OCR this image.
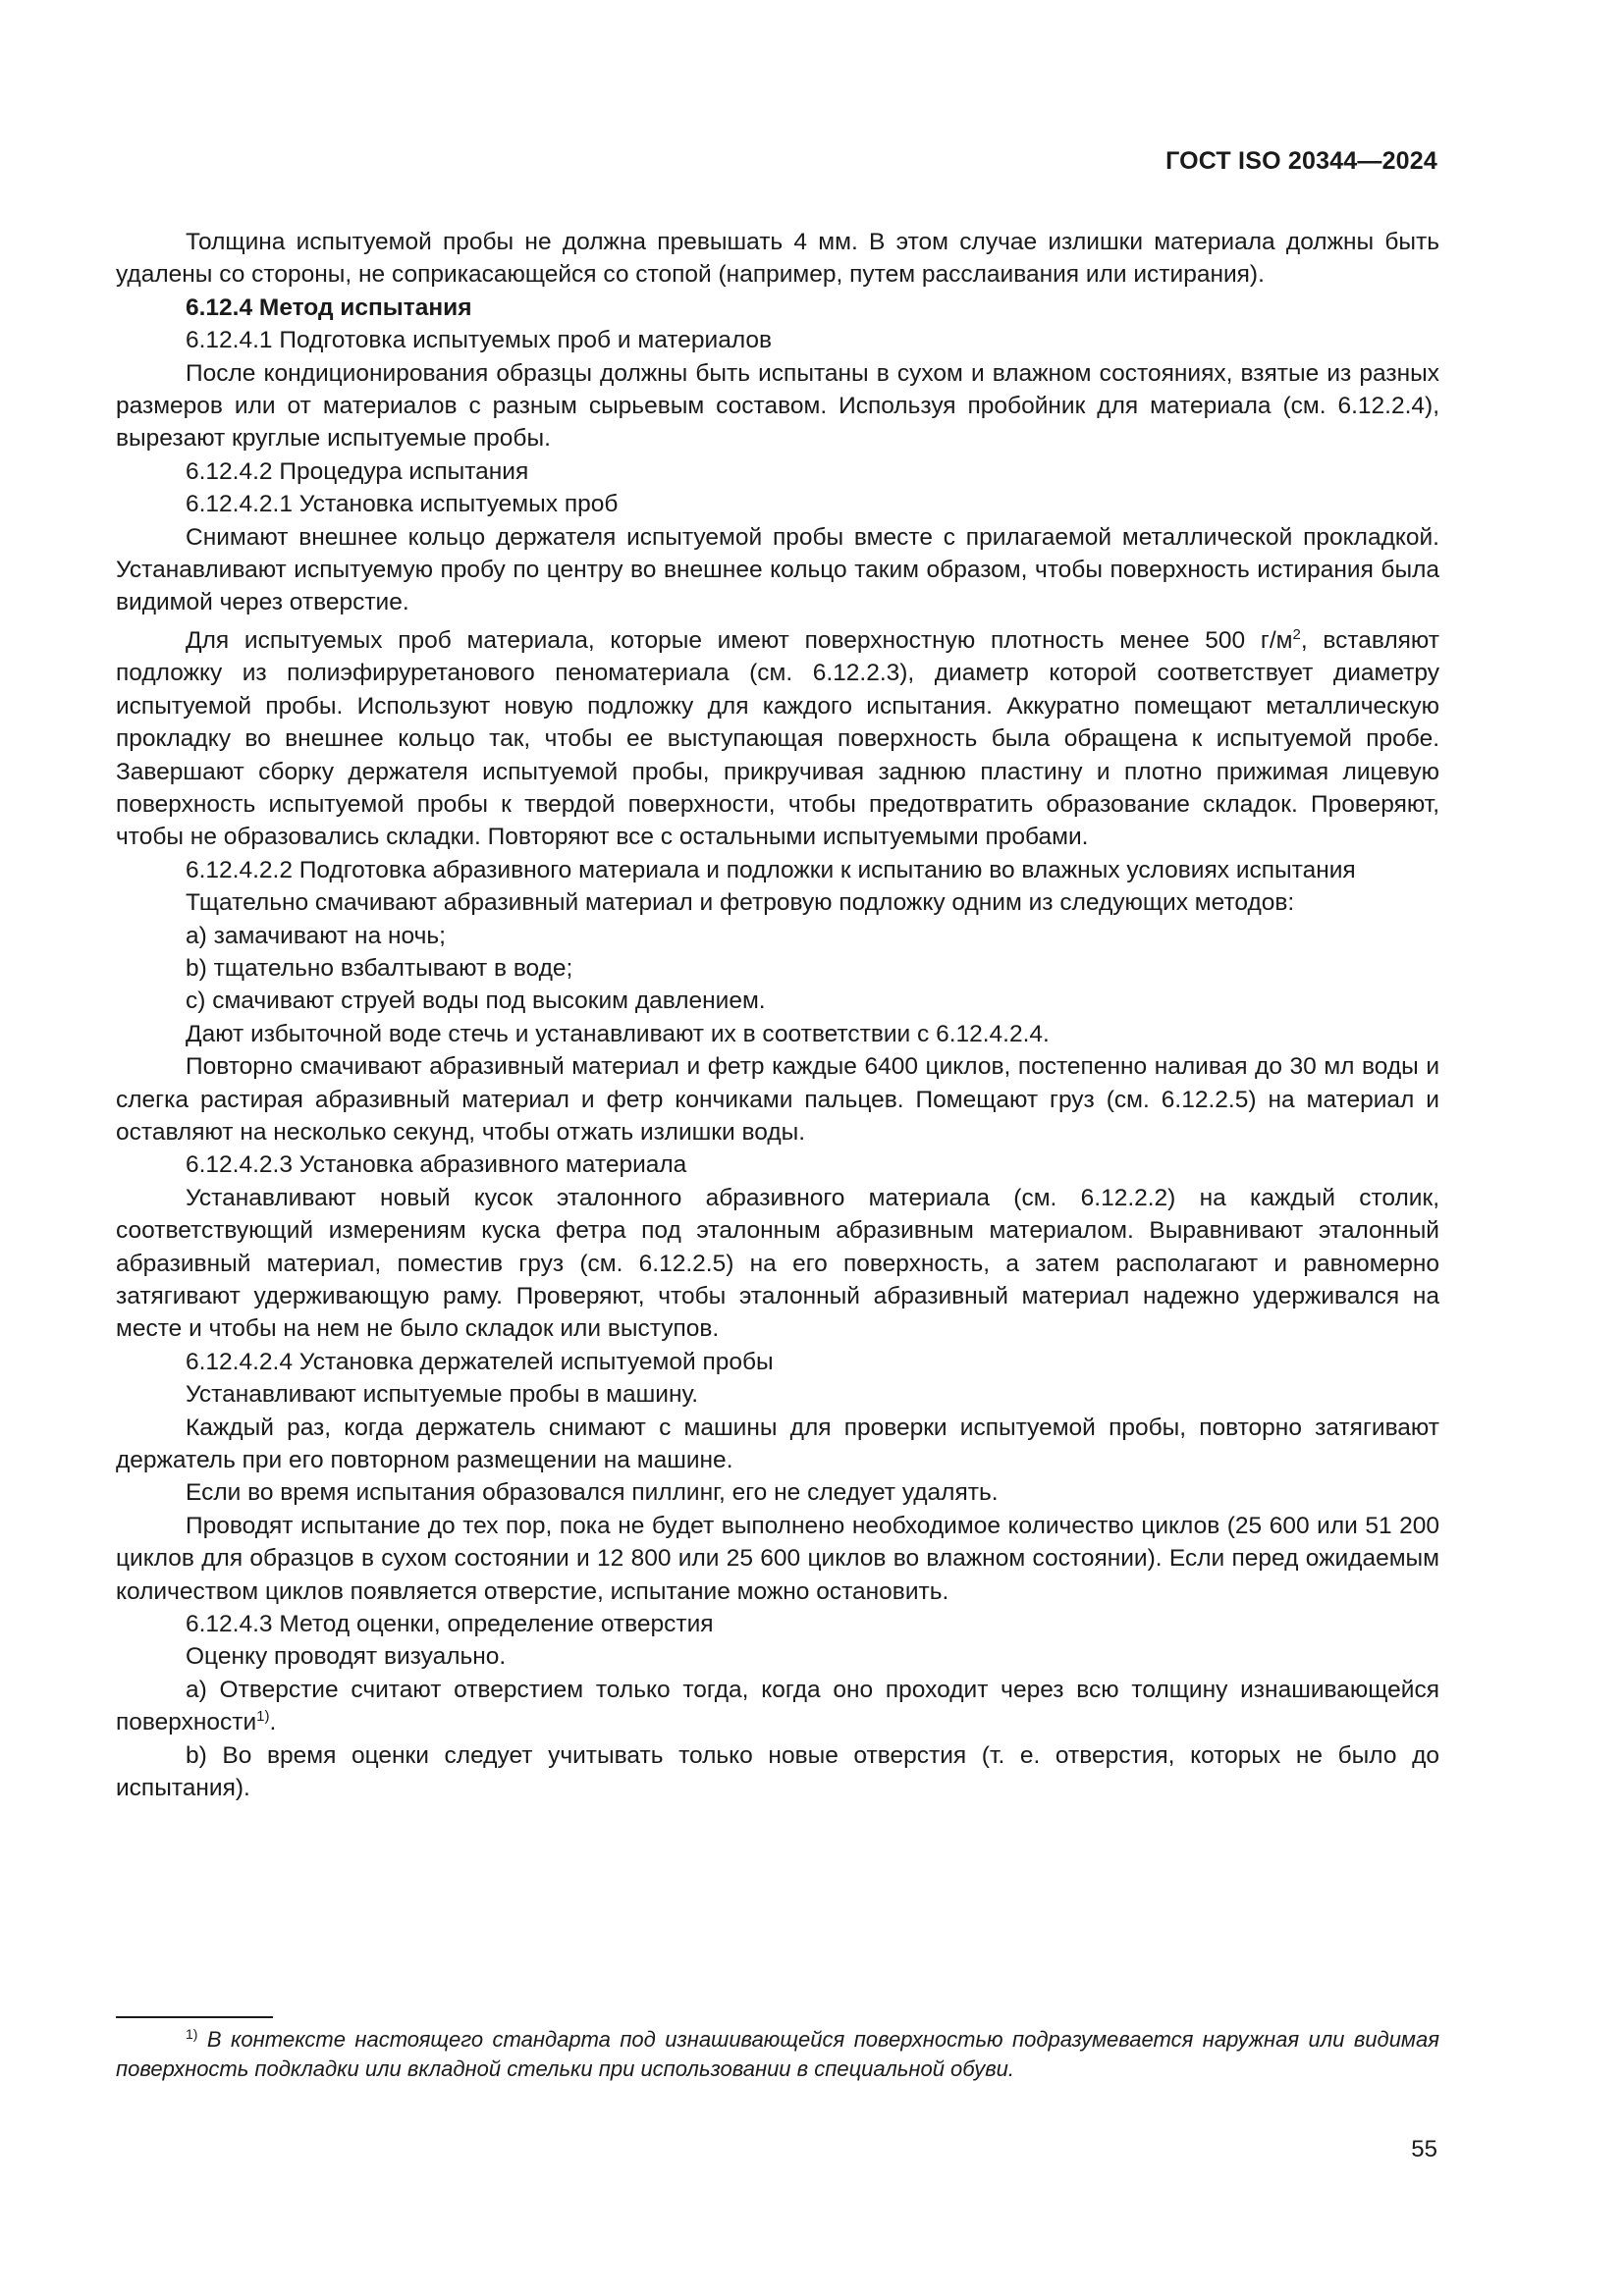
ГОСТ ISO 20344—2024

Толщина испытуемой пробы не должна превышать 4 мм. В этом случае излишки материала должны быть удалены со стороны, не соприкасающейся со стопой (например, путем расслаивания или истирания).

6.12.4 Метод испытания

6.12.4.1 Подготовка испытуемых проб и материалов

После кондиционирования образцы должны быть испытаны в сухом и влажном состояниях, взятые из разных размеров или от материалов с разным сырьевым составом. Используя пробойник для материала (см. 6.12.2.4), вырезают круглые испытуемые пробы.

6.12.4.2 Процедура испытания

6.12.4.2.1 Установка испытуемых проб

Снимают внешнее кольцо держателя испытуемой пробы вместе с прилагаемой металлической прокладкой. Устанавливают испытуемую пробу по центру во внешнее кольцо таким образом, чтобы поверхность истирания была видимой через отверстие.

Для испытуемых проб материала, которые имеют поверхностную плотность менее 500 $г/м^2$, вставляют подложку из полиэфируретанового пеноматериала (см. 6.12.2.3), диаметр которой соответствует диаметру испытуемой пробы. Используют новую подложку для каждого испытания. Аккуратно помещают металлическую прокладку во внешнее кольцо так, чтобы ее выступающая поверхность была обращена к испытуемой пробе. Завершают сборку держателя испытуемой пробы, прикручивая заднюю пластину и плотно прижимая лицевую поверхность испытуемой пробы к твердой поверхности, чтобы предотвратить образование складок. Проверяют, чтобы не образовались складки. Повторяют все с остальными испытуемыми пробами.

6.12.4.2.2 Подготовка абразивного материала и подложки к испытанию во влажных условиях испытания

Тщательно смачивают абразивный материал и фетровую подложку одним из следующих методов:

a) замачивают на ночь;

b) тщательно взбалтывают в воде;

c) смачивают струей воды под высоким давлением.

Дают избыточной воде стечь и устанавливают их в соответствии с 6.12.4.2.4.

Повторно смачивают абразивный материал и фетр каждые 6400 циклов, постепенно наливая до 30 мл воды и слегка растирая абразивный материал и фетр кончиками пальцев. Помещают груз (см. 6.12.2.5) на материал и оставляют на несколько секунд, чтобы отжать излишки воды.

6.12.4.2.3 Установка абразивного материала

Устанавливают новый кусок эталонного абразивного материала (см. 6.12.2.2) на каждый столик, соответствующий измерениям куска фетра под эталонным абразивным материалом. Выравнивают эталонный абразивный материал, поместив груз (см. 6.12.2.5) на его поверхность, а затем располагают и равномерно затягивают удерживающую раму. Проверяют, чтобы эталонный абразивный материал надежно удерживался на месте и чтобы на нем не было складок или выступов.

6.12.4.2.4 Установка держателей испытуемой пробы

Устанавливают испытуемые пробы в машину.

Каждый раз, когда держатель снимают с машины для проверки испытуемой пробы, повторно затягивают держатель при его повторном размещении на машине.

Если во время испытания образовался пиллинг, его не следует удалять.

Проводят испытание до тех пор, пока не будет выполнено необходимое количество циклов (25 600 или 51 200 циклов для образцов в сухом состоянии и 12 800 или 25 600 циклов во влажном состоянии). Если перед ожидаемым количеством циклов появляется отверстие, испытание можно остановить.

6.12.4.3 Метод оценки, определение отверстия

Оценку проводят визуально.

a) Отверстие считают отверстием только тогда, когда оно проходит через всю толщину изнашивающейся поверхности$^{1)}$.

b) Во время оценки следует учитывать только новые отверстия (т. е. отверстия, которых не было до испытания).

$^{1)}$ В контексте настоящего стандарта под изнашивающейся поверхностью подразумевается наружная или видимая поверхность подкладки или вкладной стельки при использовании в специальной обуви.

55
